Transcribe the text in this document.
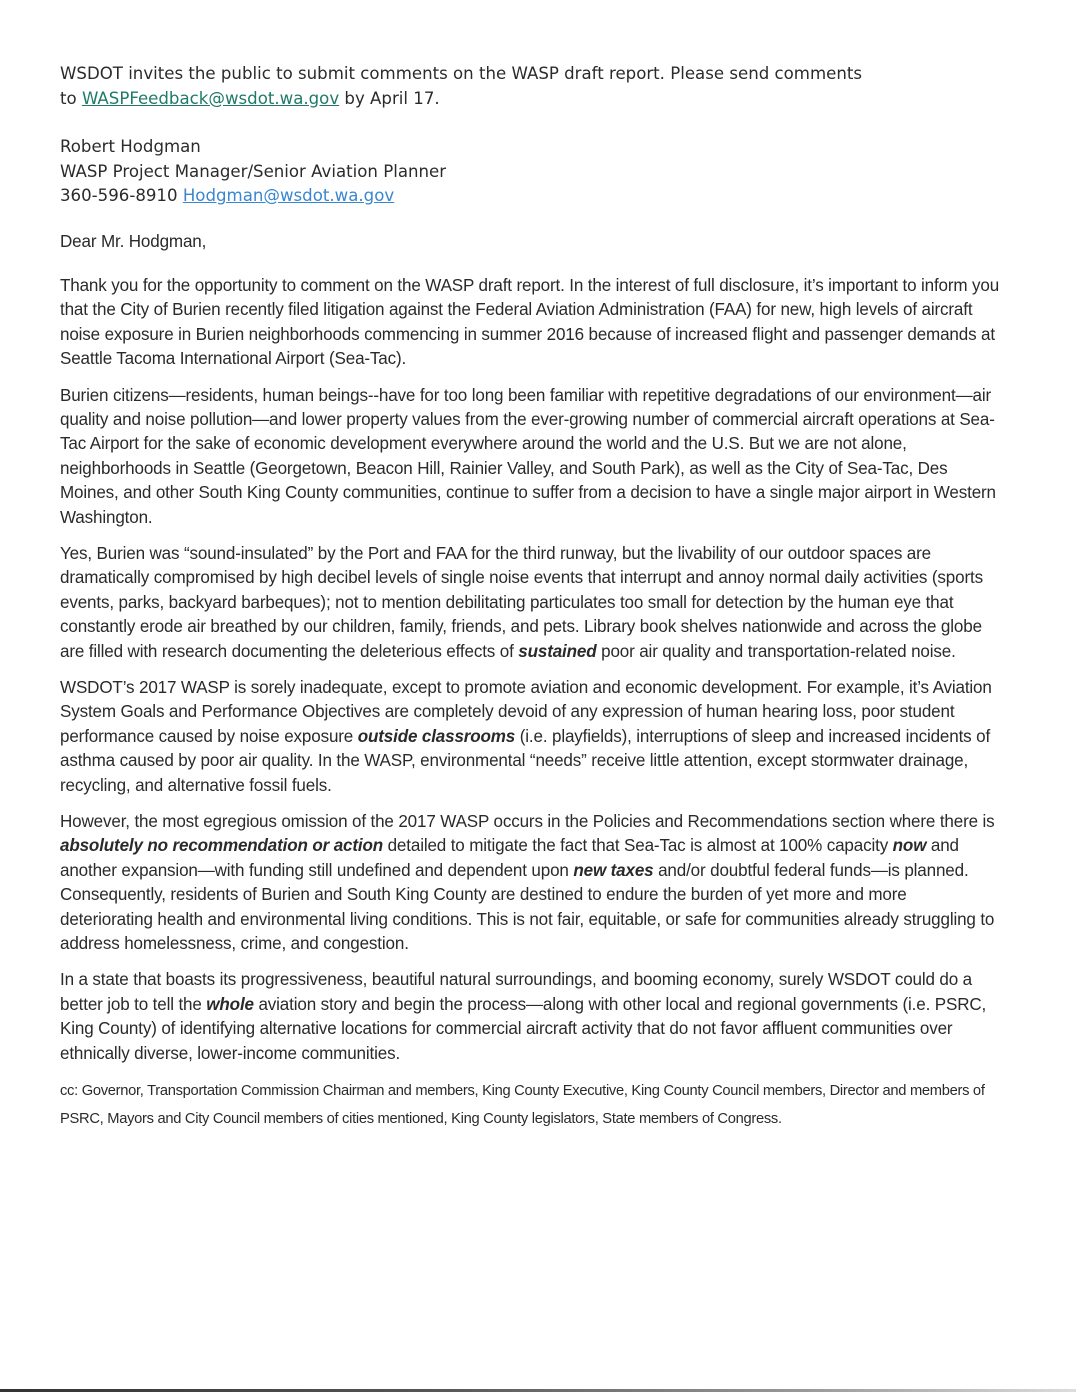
WSDOT invites the public to submit comments on the WASP draft report. Please send comments

to WASPFeedback@wsdot.wa.gov by April 17.

Robert Hodgman

WASP Project Manager/Senior Aviation Planner

360-596-8910 Hodgman@wsdot.wa.gov

Dear Mr. Hodgman,

Thank you for the opportunity to comment on the WASP draft report. In the interest of full disclosure, it’s important to inform you that the City of Burien recently filed litigation against the Federal Aviation Administration (FAA) for new, high levels of aircraft noise exposure in Burien neighborhoods commencing in summer 2016 because of increased flight and passenger demands at Seattle Tacoma International Airport (Sea-Tac).

Burien citizens—residents, human beings--have for too long been familiar with repetitive degradations of our environment—air quality and noise pollution—and lower property values from the ever-growing number of commercial aircraft operations at Sea-Tac Airport for the sake of economic development everywhere around the world and the U.S. But we are not alone, neighborhoods in Seattle (Georgetown, Beacon Hill, Rainier Valley, and South Park), as well as the City of Sea-Tac, Des Moines, and other South King County communities, continue to suffer from a decision to have a single major airport in Western Washington.

Yes, Burien was “sound-insulated” by the Port and FAA for the third runway, but the livability of our outdoor spaces are dramatically compromised by high decibel levels of single noise events that interrupt and annoy normal daily activities (sports events, parks, backyard barbeques); not to mention debilitating particulates too small for detection by the human eye that constantly erode air breathed by our children, family, friends, and pets. Library book shelves nationwide and across the globe are filled with research documenting the deleterious effects of sustained poor air quality and transportation-related noise.

WSDOT’s 2017 WASP is sorely inadequate, except to promote aviation and economic development. For example, it’s Aviation System Goals and Performance Objectives are completely devoid of any expression of human hearing loss, poor student performance caused by noise exposure outside classrooms (i.e. playfields), interruptions of sleep and increased incidents of asthma caused by poor air quality. In the WASP, environmental “needs” receive little attention, except stormwater drainage, recycling, and alternative fossil fuels.

However, the most egregious omission of the 2017 WASP occurs in the Policies and Recommendations section where there is absolutely no recommendation or action detailed to mitigate the fact that Sea-Tac is almost at 100% capacity now and another expansion—with funding still undefined and dependent upon new taxes and/or doubtful federal funds—is planned. Consequently, residents of Burien and South King County are destined to endure the burden of yet more and more deteriorating health and environmental living conditions. This is not fair, equitable, or safe for communities already struggling to address homelessness, crime, and congestion.

In a state that boasts its progressiveness, beautiful natural surroundings, and booming economy, surely WSDOT could do a better job to tell the whole aviation story and begin the process—along with other local and regional governments (i.e. PSRC, King County) of identifying alternative locations for commercial aircraft activity that do not favor affluent communities over ethnically diverse, lower-income communities.

cc: Governor, Transportation Commission Chairman and members, King County Executive, King County Council members, Director and members of PSRC, Mayors and City Council members of cities mentioned, King County legislators, State members of Congress.
